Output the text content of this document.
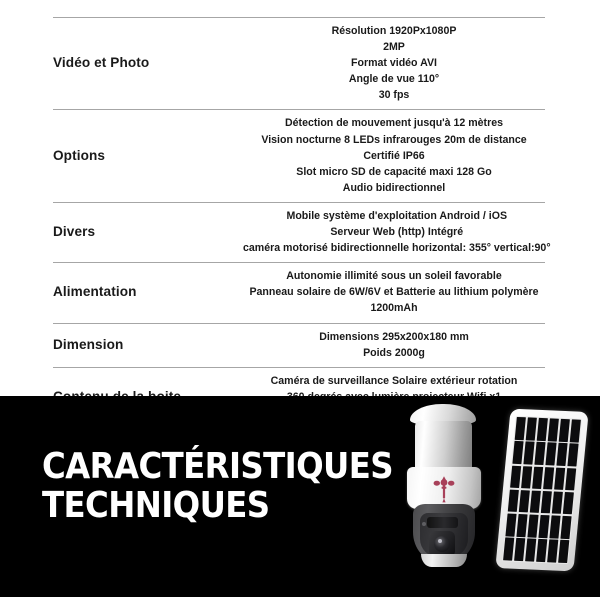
Vidéo et Photo
Résolution 1920Px1080P
2MP
Format vidéo AVI
Angle de vue 110°
30 fps
Options
Détection de mouvement jusqu'à 12 mètres
Vision nocturne 8 LEDs infrarouges 20m de distance
Certifié IP66
Slot micro SD de capacité maxi 128 Go
Audio bidirectionnel
Divers
Mobile système d'exploitation Android / iOS
Serveur Web (http) Intégré
caméra motorisé bidirectionnelle horizontal: 355° vertical:90°
Alimentation
Autonomie illimité sous un soleil favorable
Panneau solaire de 6W/6V et Batterie au lithium polymère
1200mAh
Dimension
Dimensions 295x200x180 mm
Poids 2000g
Caméra de surveillance Solaire extérieur rotation
CARACTÉRISTIQUES
TECHNIQUES
